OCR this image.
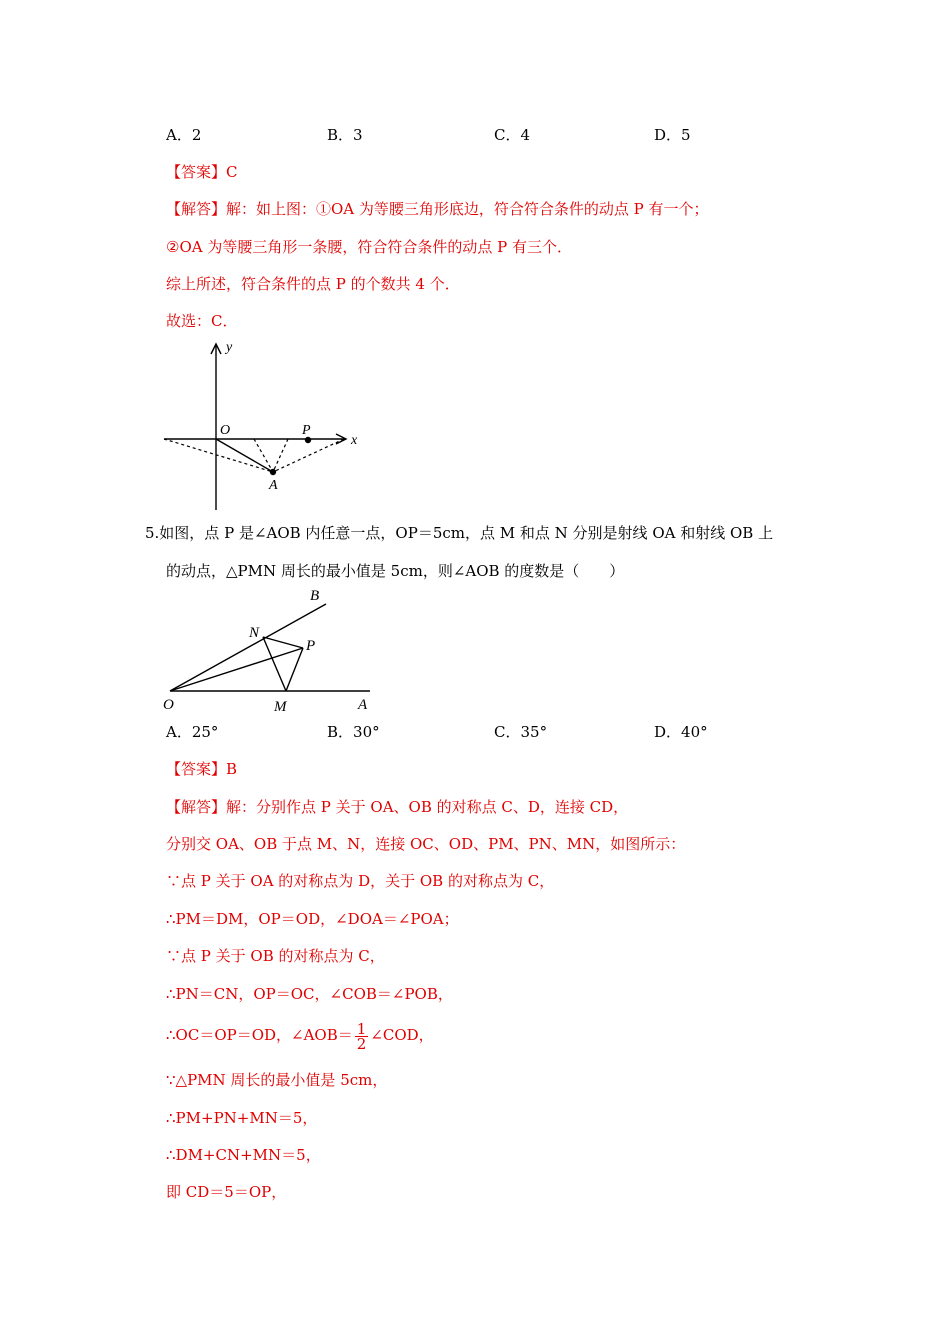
A．2	B．3	C．4	D．5
【答案】C
【解答】解：如上图：①OA 为等腰三角形底边，符合符合条件的动点 P 有一个；
②OA 为等腰三角形一条腰，符合符合条件的动点 P 有三个．
综上所述，符合条件的点 P 的个数共 4 个．
故选：C．
y
x
O	P
A
5.如图，点 P 是∠AOB 内任意一点，OP＝5cm，点 M 和点 N 分别是射线 OA 和射线 OB 上
的动点，△PMN 周长的最小值是 5cm，则∠AOB 的度数是（　　）
B
N
P
O	M	A
A．25°	B．30°	C．35°	D．40°
【答案】B
【解答】解：分别作点 P 关于 OA、OB 的对称点 C、D，连接 CD，
分别交 OA、OB 于点 M、N，连接 OC、OD、PM、PN、MN，如图所示：
∵点 P 关于 OA 的对称点为 D，关于 OB 的对称点为 C，
∴PM＝DM，OP＝OD，∠DOA＝∠POA；
∵点 P 关于 OB 的对称点为 C，
∴PN＝CN，OP＝OC，∠COB＝∠POB，
∴OC＝OP＝OD，∠AOB＝ $\frac{1}{2}$ ∠COD，
∵△PMN 周长的最小值是 5cm，
∴PM+PN+MN＝5，
∴DM+CN+MN＝5，
即 CD＝5＝OP，
